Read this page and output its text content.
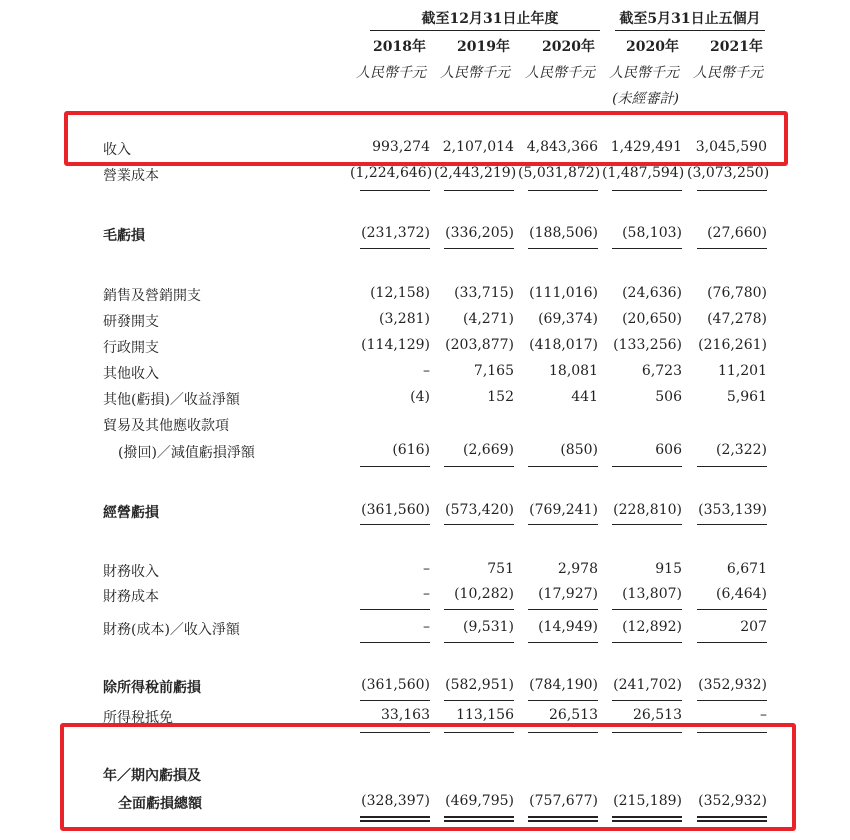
截至12月31日止年度	截至5月31日止五個月
2018年	2019年	2020年	2020年	2021年
人民幣千元	人民幣千元	人民幣千元	人民幣千元	人民幣千元
(未經審計)
收入	993,274 2,107,014 4,843,366 1,429,491 3,045,590
營業成本	(1,224,646) (2,443,219) (5,031,872) (1,487,594) (3,073,250)
毛虧損	(231,372)	(336,205)	(188,506)	(58,103)	(27,660)
銷售及營銷開支	(12,158)	(33,715)	(111,016)	(24,636)	(76,780)
研發開支	(3,281)	(4,271)	(69,374)	(20,650)	(47,278)
行政開支	(114,129)	(203,877)	(418,017)	(133,256)	(216,261)
其他收入	–	7,165	18,081	6,723	11,201
其他(虧損)／收益淨額	(4)	152	441	506	5,961
貿易及其他應收款項
(撥回)／減值虧損淨額	(616)	(2,669)	(850)	606	(2,322)
經營虧損	(361,560)	(573,420)	(769,241)	(228,810)	(353,139)
財務收入	–	751	2,978	915	6,671
財務成本	–	(10,282)	(17,927)	(13,807)	(6,464)
財務(成本)／收入淨額	–	(9,531)	(14,949)	(12,892)	207
除所得稅前虧損	(361,560)	(582,951)	(784,190)	(241,702)	(352,932)
所得稅抵免	33,163	113,156	26,513	26,513	–
年／期內虧損及
全面虧損總額	(328,397)	(469,795)	(757,677)	(215,189)	(352,932)
